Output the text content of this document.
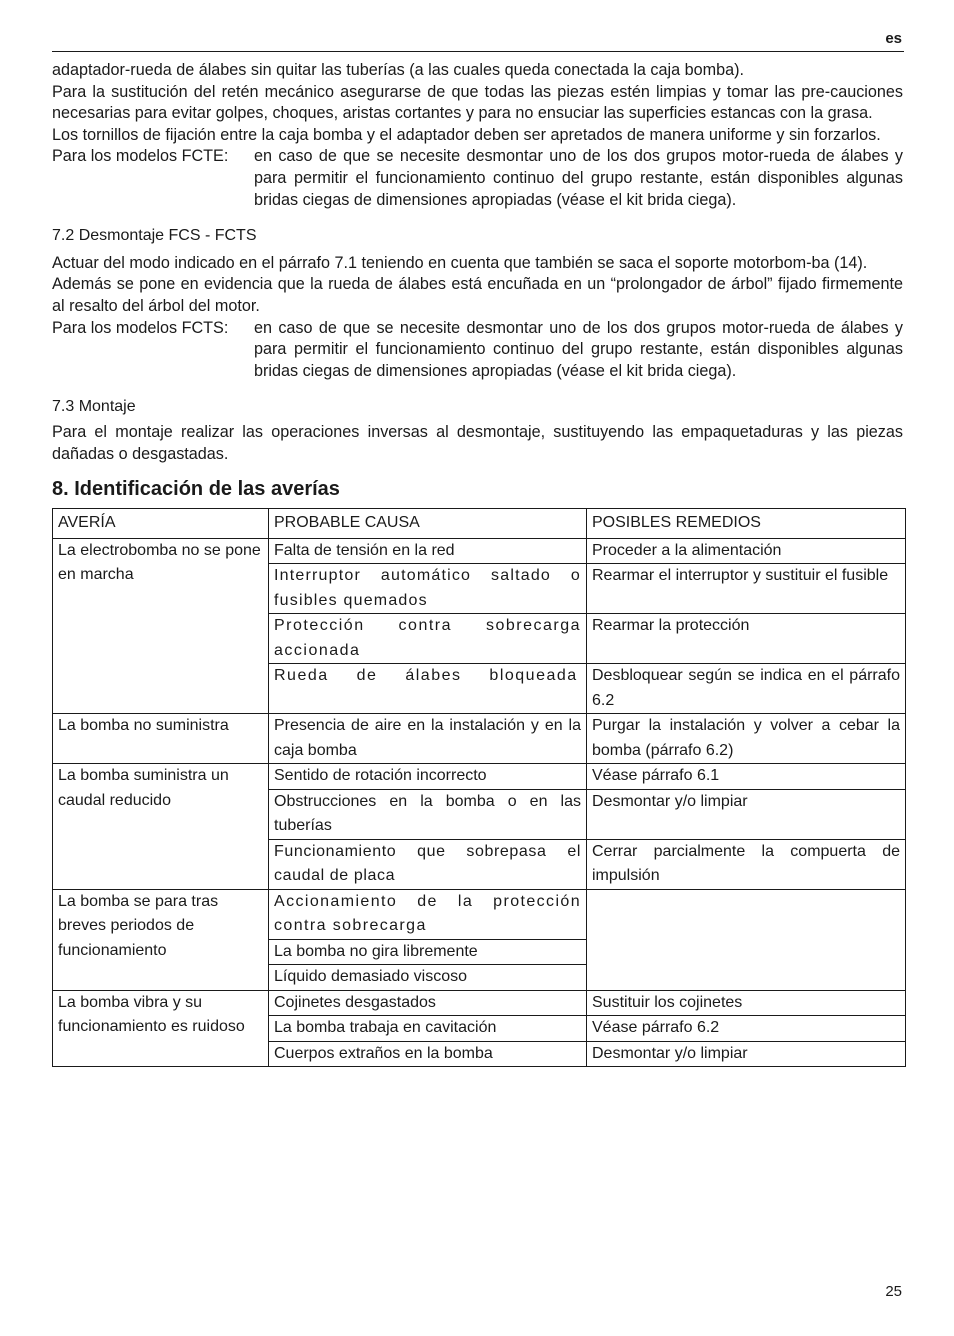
es

adaptador-rueda de álabes sin quitar las tuberías (a las cuales queda conectada la caja bomba).

Para la sustitución del retén mecánico asegurarse de que todas las piezas estén limpias y tomar las pre-cauciones necesarias para evitar golpes, choques, aristas cortantes y para no ensuciar las superficies estancas con la grasa.

Los tornillos de fijación entre la caja bomba y el adaptador deben ser apretados de manera uniforme y sin forzarlos.

Para los modelos FCTE:	en caso de que se necesite desmontar uno de los dos grupos motor-rueda de álabes y para permitir el funcionamiento continuo del grupo restante, están disponibles algunas bridas ciegas de dimensiones apropiadas (véase el kit brida ciega).
7.2 Desmontaje FCS - FCTS

Actuar del modo indicado en el párrafo 7.1 teniendo en cuenta que también se saca el soporte motorbom-ba (14).

Además se pone en evidencia que la rueda de álabes está encuñada en un “prolongador de árbol” fijado firmemente al resalto del árbol del motor.

Para los modelos FCTS:	en caso de que se necesite desmontar uno de los dos grupos motor-rueda de álabes y para permitir el funcionamiento continuo del grupo restante, están disponibles algunas bridas ciegas de dimensiones apropiadas (véase el kit brida ciega).
7.3 Montaje

Para el montaje realizar las operaciones inversas al desmontaje, sustituyendo las empaquetaduras y las piezas dañadas o desgastadas.

8. Identificación de las averías
AVERÍA	PROBABLE CAUSA	POSIBLES REMEDIOS
La electrobomba no se pone en marcha	Falta de tensión en la red	Proceder a la alimentación
	Interruptor automático saltado o fusibles quemados	Rearmar el interruptor y sustituir el fusible
	Protección contra sobrecarga accionada	Rearmar la protección
	Rueda de álabes bloqueada	Desbloquear según se indica en el párrafo 6.2
La bomba no suministra	Presencia de aire en la instalación y en la caja bomba	Purgar la instalación y volver a cebar la bomba (párrafo 6.2)
La bomba suministra un caudal reducido	Sentido de rotación incorrecto	Véase párrafo 6.1
	Obstrucciones en la bomba o en las tuberías	Desmontar y/o limpiar
	Funcionamiento que sobrepasa el caudal de placa	Cerrar parcialmente la compuerta de impulsión
La bomba se para tras breves periodos de funcionamiento	Accionamiento de la protección contra sobrecarga	
	La bomba no gira libremente	
	Líquido demasiado viscoso	
La bomba vibra y su funcionamiento es ruidoso	Cojinetes desgastados	Sustituir los cojinetes
	La bomba trabaja en cavitación	Véase párrafo 6.2
	Cuerpos extraños en la bomba	Desmontar y/o limpiar
25
